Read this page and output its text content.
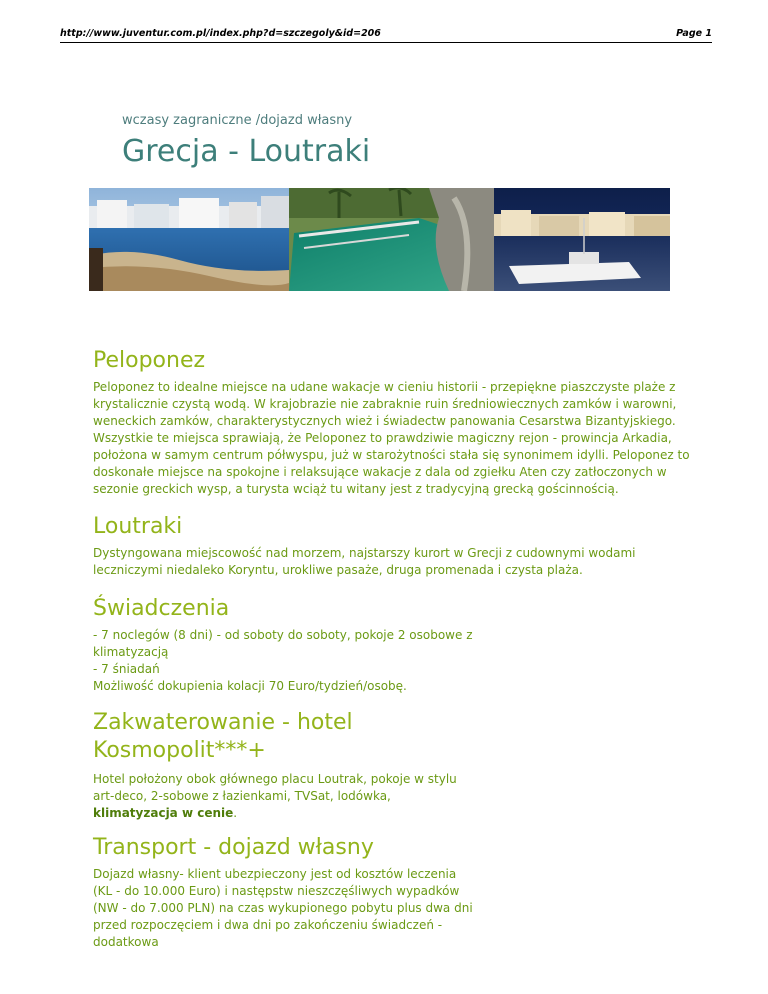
http://www.juventur.com.pl/index.php?d=szczegoly&id=206	Page 1
wczasy zagraniczne /dojazd własny
Grecja - Loutraki
Peloponez

Peloponez to idealne miejsce na udane wakacje w cieniu historii - przepiękne piaszczyste plaże z krystalicznie czystą wodą. W krajobrazie nie zabraknie ruin średniowiecznych zamków i warowni, weneckich zamków, charakterystycznych wież i świadectw panowania Cesarstwa Bizantyjskiego. Wszystkie te miejsca sprawiają, że Peloponez to prawdziwie magiczny rejon - prowincja Arkadia, położona w samym centrum półwyspu, już w starożytności stała się synonimem idylli. Peloponez to doskonałe miejsce na spokojne i relaksujące wakacje z dala od zgiełku Aten czy zatłoczonych w sezonie greckich wysp, a turysta wciąż tu witany jest z tradycyjną grecką gościnnością.

Loutraki

Dystyngowana miejscowość nad morzem, najstarszy kurort w Grecji z cudownymi wodami leczniczymi niedaleko Koryntu, urokliwe pasaże, druga promenada i czysta plaża.

Świadczenia

- 7 noclegów (8 dni) - od soboty do soboty, pokoje 2 osobowe z
klimatyzacją
- 7 śniadań
Możliwość dokupienia kolacji 70 Euro/tydzień/osobę.

Zakwaterowanie - hotel
Kosmopolit***+

Hotel położony obok głównego placu Loutrak, pokoje w stylu art-deco, 2-sobowe z łazienkami, TVSat, lodówka, klimatyzacja w cenie.

Transport - dojazd własny

Dojazd własny- klient ubezpieczony jest od kosztów leczenia (KL - do 10.000 Euro) i następstw nieszczęśliwych wypadków (NW - do 7.000 PLN) na czas wykupionego pobytu plus dwa dni przed rozpoczęciem i dwa dni po zakończeniu świadczeń - dodatkowa
